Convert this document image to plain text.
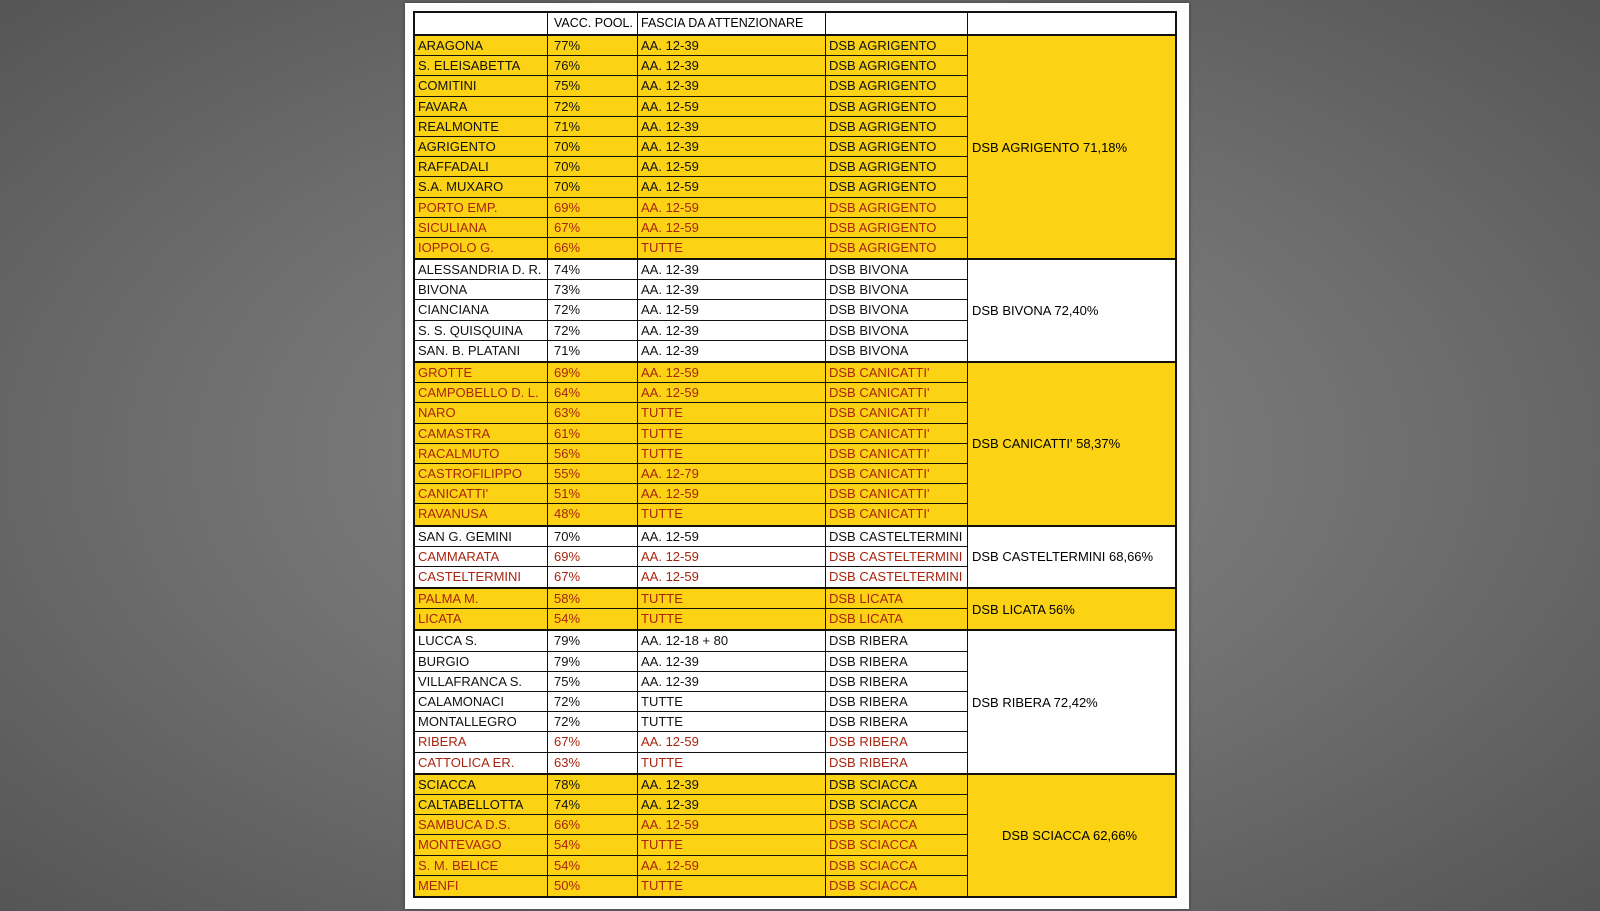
VACC. POOL. FASCIA DA ATTENZIONARE
ARAGONA	77%	AA. 12-39	DSB AGRIGENTO
S. ELEISABETTA	76%	AA. 12-39	DSB AGRIGENTO
COMITINI	75%	AA. 12-39	DSB AGRIGENTO
FAVARA	72%	AA. 12-59	DSB AGRIGENTO
REALMONTE	71%	AA. 12-39	DSB AGRIGENTO
AGRIGENTO	70%	AA. 12-39	DSB AGRIGENTO
RAFFADALI	70%	AA. 12-59	DSB AGRIGENTO
S.A. MUXARO	70%	AA. 12-59	DSB AGRIGENTO
PORTO EMP.	69%	AA. 12-59	DSB AGRIGENTO
SICULIANA	67%	AA. 12-59	DSB AGRIGENTO
IOPPOLO G.	66%	TUTTE	DSB AGRIGENTO
DSB AGRIGENTO 71,18%
ALESSANDRIA D. R. 74%	AA. 12-39	DSB BIVONA
BIVONA	73%	AA. 12-39	DSB BIVONA
CIANCIANA	72%	AA. 12-59	DSB BIVONA
S. S. QUISQUINA	72%	AA. 12-39	DSB BIVONA
SAN. B. PLATANI	71%	AA. 12-39	DSB BIVONA
DSB BIVONA 72,40%
GROTTE	69%	AA. 12-59	DSB CANICATTI'
CAMPOBELLO D. L.	64%	AA. 12-59	DSB CANICATTI'
NARO	63%	TUTTE	DSB CANICATTI'
CAMASTRA	61%	TUTTE	DSB CANICATTI'
RACALMUTO	56%	TUTTE	DSB CANICATTI'
CASTROFILIPPO	55%	AA. 12-79	DSB CANICATTI'
CANICATTI'	51%	AA. 12-59	DSB CANICATTI'
RAVANUSA	48%	TUTTE	DSB CANICATTI'
DSB CANICATTI' 58,37%
SAN G. GEMINI	70%	AA. 12-59	DSB CASTELTERMINI
CAMMARATA	69%	AA. 12-59	DSB CASTELTERMINI
CASTELTERMINI	67%	AA. 12-59	DSB CASTELTERMINI
DSB CASTELTERMINI 68,66%
PALMA M.	58%	TUTTE	DSB LICATA
LICATA	54%	TUTTE	DSB LICATA
DSB LICATA 56%
LUCCA S.	79%	AA. 12-18 + 80	DSB RIBERA
BURGIO	79%	AA. 12-39	DSB RIBERA
VILLAFRANCA S.	75%	AA. 12-39	DSB RIBERA
CALAMONACI	72%	TUTTE	DSB RIBERA
MONTALLEGRO	72%	TUTTE	DSB RIBERA
RIBERA	67%	AA. 12-59	DSB RIBERA
CATTOLICA ER.	63%	TUTTE	DSB RIBERA
DSB RIBERA 72,42%
SCIACCA	78%	AA. 12-39	DSB SCIACCA
CALTABELLOTTA	74%	AA. 12-39	DSB SCIACCA
SAMBUCA D.S.	66%	AA. 12-59	DSB SCIACCA
MONTEVAGO	54%	TUTTE	DSB SCIACCA
S. M. BELICE	54%	AA. 12-59	DSB SCIACCA
MENFI	50%	TUTTE	DSB SCIACCA
DSB SCIACCA 62,66%
